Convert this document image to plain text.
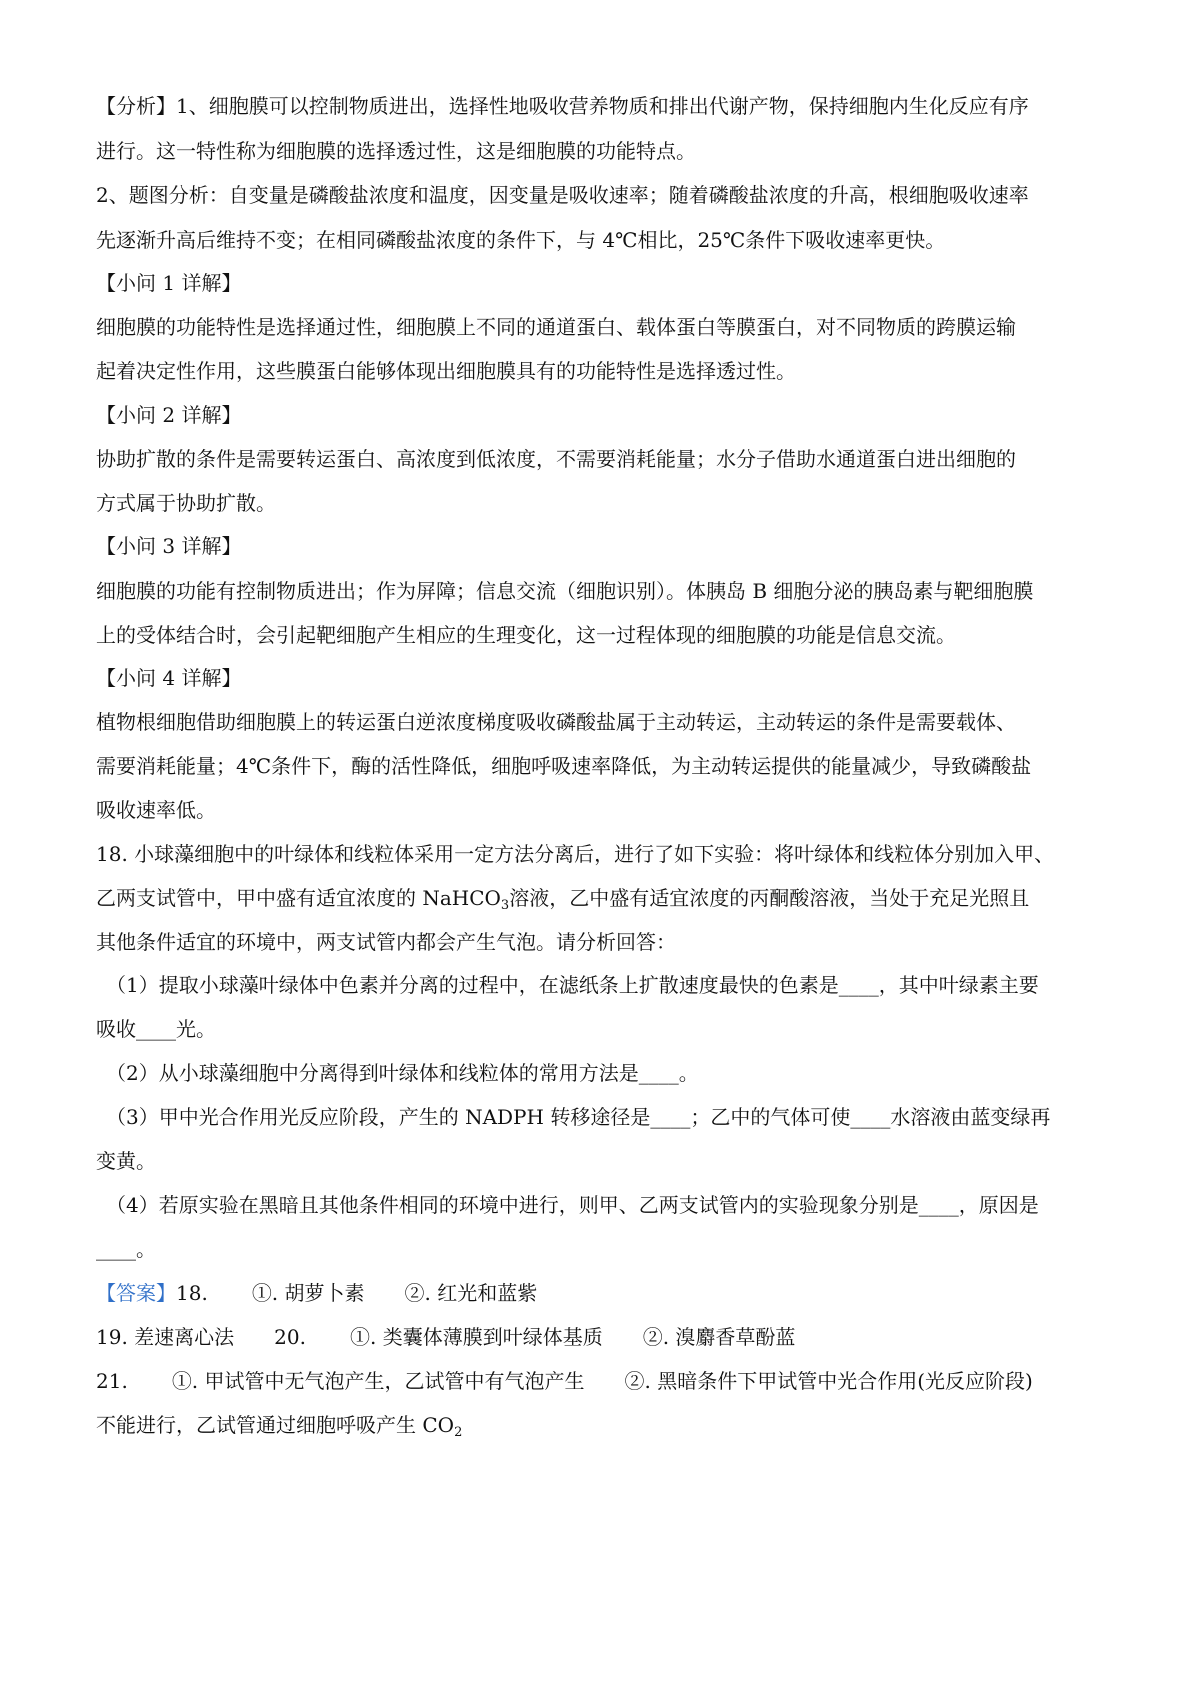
【分析】1、细胞膜可以控制物质进出，选择性地吸收营养物质和排出代谢产物，保持细胞内生化反应有序
进行。这一特性称为细胞膜的选择透过性，这是细胞膜的功能特点。
2、题图分析：自变量是磷酸盐浓度和温度，因变量是吸收速率；随着磷酸盐浓度的升高，根细胞吸收速率
先逐渐升高后维持不变；在相同磷酸盐浓度的条件下，与 4℃相比，25℃条件下吸收速率更快。
【小问 1 详解】
细胞膜的功能特性是选择通过性，细胞膜上不同的通道蛋白、载体蛋白等膜蛋白，对不同物质的跨膜运输
起着决定性作用，这些膜蛋白能够体现出细胞膜具有的功能特性是选择透过性。
【小问 2 详解】
协助扩散的条件是需要转运蛋白、高浓度到低浓度，不需要消耗能量；水分子借助水通道蛋白进出细胞的
方式属于协助扩散。
【小问 3 详解】
细胞膜的功能有控制物质进出；作为屏障；信息交流（细胞识别）。体胰岛 B 细胞分泌的胰岛素与靶细胞膜
上的受体结合时，会引起靶细胞产生相应的生理变化，这一过程体现的细胞膜的功能是信息交流。
【小问 4 详解】
植物根细胞借助细胞膜上的转运蛋白逆浓度梯度吸收磷酸盐属于主动转运，主动转运的条件是需要载体、
需要消耗能量；4℃条件下，酶的活性降低，细胞呼吸速率降低，为主动转运提供的能量减少，导致磷酸盐
吸收速率低。
18. 小球藻细胞中的叶绿体和线粒体采用一定方法分离后，进行了如下实验：将叶绿体和线粒体分别加入甲、
乙两支试管中，甲中盛有适宜浓度的 NaHCO$_3$溶液，乙中盛有适宜浓度的丙酮酸溶液，当处于充足光照且
其他条件适宜的环境中，两支试管内都会产生气泡。请分析回答：
（1）提取小球藻叶绿体中色素并分离的过程中，在滤纸条上扩散速度最快的色素是____，其中叶绿素主要
吸收____光。
（2）从小球藻细胞中分离得到叶绿体和线粒体的常用方法是____。
（3）甲中光合作用光反应阶段，产生的 NADPH 转移途径是____；乙中的气体可使____水溶液由蓝变绿再
变黄。
（4）若原实验在黑暗且其他条件相同的环境中进行，则甲、乙两支试管内的实验现象分别是____，原因是
____。
【答案】18. ①. 胡萝卜素 ②. 红光和蓝紫
19. 差速离心法 20. ①. 类囊体薄膜到叶绿体基质 ②. 溴麝香草酚蓝
21. ①. 甲试管中无气泡产生，乙试管中有气泡产生 ②. 黑暗条件下甲试管中光合作用(光反应阶段)
不能进行，乙试管通过细胞呼吸产生 $CO_2$
